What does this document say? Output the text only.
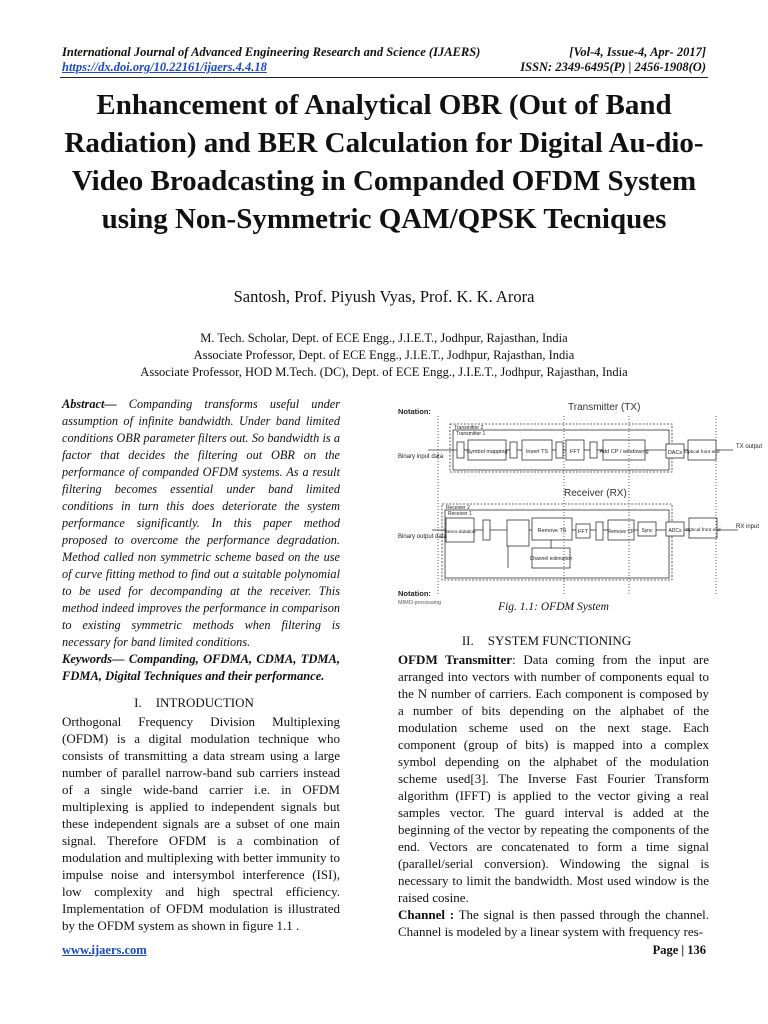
International Journal of Advanced Engineering Research and Science (IJAERS)	[Vol-4, Issue-4, Apr- 2017]
https://dx.doi.org/10.22161/ijaers.4.4.18	ISSN: 2349-6495(P) | 2456-1908(O)
Enhancement of Analytical OBR (Out of Band Radiation) and BER Calculation for Digital Au-dio-Video Broadcasting in Companded OFDM System using Non-Symmetric QAM/QPSK Tecniques
Santosh, Prof. Piyush Vyas, Prof. K. K. Arora
M. Tech. Scholar, Dept. of ECE Engg., J.I.E.T., Jodhpur, Rajasthan, India
Associate Professor, Dept. of ECE Engg., J.I.E.T., Jodhpur, Rajasthan, India
Associate Professor, HOD M.Tech. (DC), Dept. of ECE Engg., J.I.E.T., Jodhpur, Rajasthan, India

Abstract— Companding transforms useful under assumption of infinite bandwidth. Under band limited conditions OBR parameter filters out. So bandwidth is a factor that decides the filtering out OBR on the performance of companded OFDM systems. As a result filtering becomes essential under band limited conditions in turn this does deteriorate the system performance significantly. In this paper method proposed to overcome the performance degradation. Method called non symmetric scheme based on the use of curve fitting method to find out a suitable polynomial to be used for decompanding at the receiver. This method indeed improves the performance in comparison to existing symmetric methods when filtering is necessary for band limited conditions.

Keywords— Companding, OFDMA, CDMA, TDMA, FDMA, Digital Techniques and their performance.

I. INTRODUCTION

Orthogonal Frequency Division Multiplexing (OFDM) is a digital modulation technique who consists of transmitting a data stream using a large number of parallel narrow-band sub carriers instead of a single wide-band carrier i.e. in OFDM multiplexing is applied to independent signals but these independent signals are a subset of one main signal. Therefore OFDM is a combination of modulation and multiplexing with better immunity to impulse noise and intersymbol interference (ISI), low complexity and high spectral efficiency. Implementation of OFDM modulation is illustrated by the OFDM system as shown in figure 1.1 .

Notation:
Notation:
MIMO processing
Binary input data
Binary output data
TX output
RX input
Transmitter 2
Transmitter 1
Receiver 2
Receiver 1
Transmitter (TX)
Receiver (RX)
Symbol mapping	Insert TS	FFT	Add CP / windowing	DACs Optical front end
Demo-dulation	Remove TS FFT	Remove CP Sync	ADCs Optical front end
Channel estimation
Fig. 1.1: OFDM System
II. SYSTEM FUNCTIONING

OFDM Transmitter: Data coming from the input are arranged into vectors with number of components equal to the N number of carriers. Each component is composed by a number of bits depending on the alphabet of the modulation scheme used on the next stage. Each component (group of bits) is mapped into a complex symbol depending on the alphabet of the modulation scheme used[3]. The Inverse Fast Fourier Transform algorithm (IFFT) is applied to the vector giving a real samples vector. The guard interval is added at the beginning of the vector by repeating the components of the end. Vectors are concatenated to form a time signal (parallel/serial conversion). Windowing the signal is necessary to limit the bandwidth. Most used window is the raised cosine.

Channel : The signal is then passed through the channel. Channel is modeled by a linear system with frequency res-

www.ijaers.com	Page | 136
